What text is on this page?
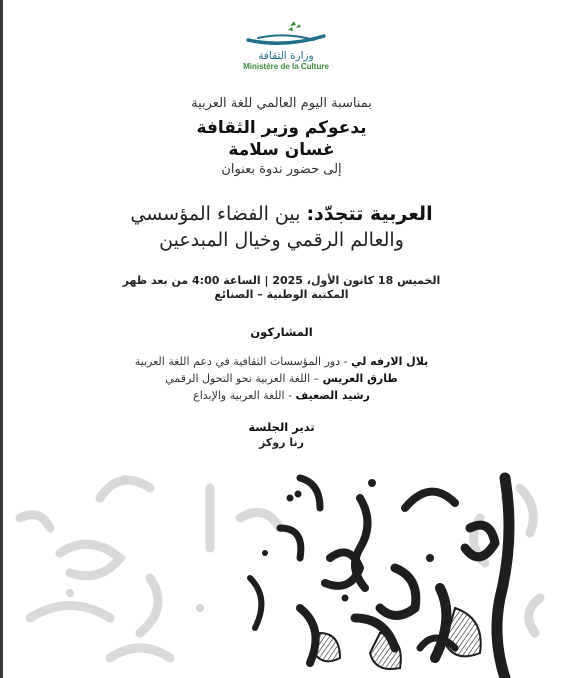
وزارة الثقافة
Ministère de la Culture
بمناسبة اليوم العالمي للغة العربية
يدعوكم وزير الثقافة
غسان سلامة
إلى حضور ندوة بعنوان
العربية تتجدّد: بين الفضاء المؤسسي
والعالم الرقمي وخيال المبدعين
الخميس 18 كانون الأول، 2025 | الساعة 4:00 من بعد ظهر
المكتبة الوطنية – الصنائع
المشاركون
بلال الارفه لي - دور المؤسسات الثقافية في دعم اللغة العربية
طارق العريس – اللغة العربية نحو التحول الرقمي
رشيد الضعيف - اللغة العربية والإبداع
تدير الجلسة
رنا روكز
